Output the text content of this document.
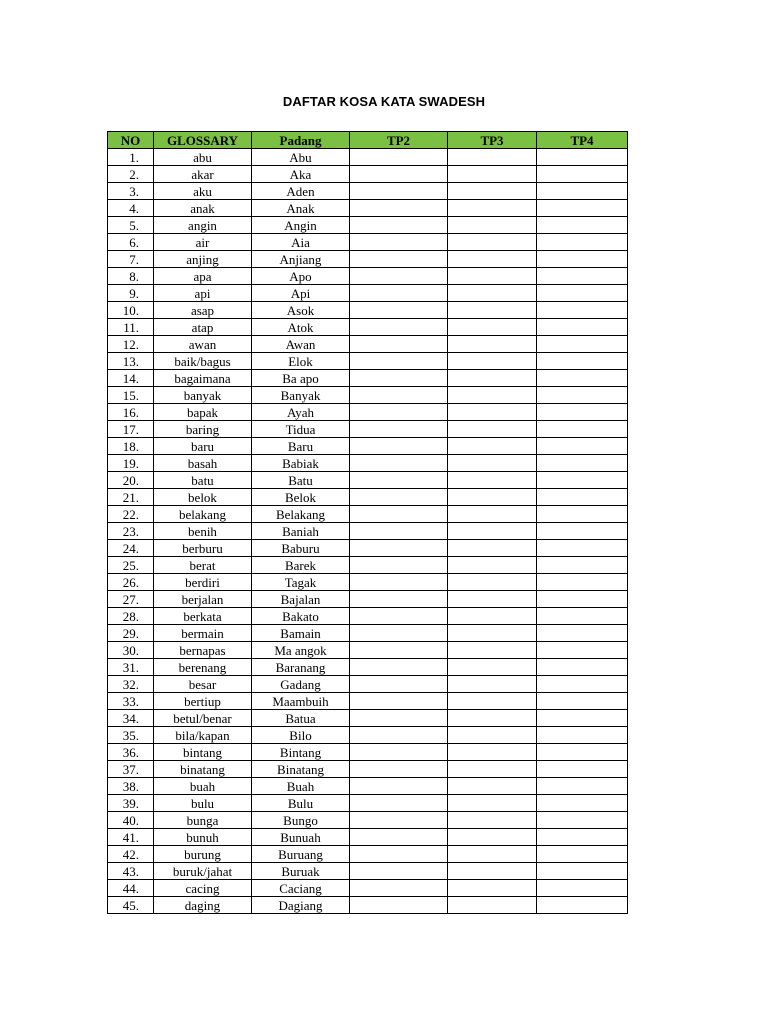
DAFTAR KOSA KATA SWADESH
NO	GLOSSARY	Padang	TP2	TP3	TP4
1.	abu	Abu			
2.	akar	Aka			
3.	aku	Aden			
4.	anak	Anak			
5.	angin	Angin			
6.	air	Aia			
7.	anjing	Anjiang			
8.	apa	Apo			
9.	api	Api			
10.	asap	Asok			
11.	atap	Atok			
12.	awan	Awan			
13.	baik/bagus	Elok			
14.	bagaimana	Ba apo			
15.	banyak	Banyak			
16.	bapak	Ayah			
17.	baring	Tidua			
18.	baru	Baru			
19.	basah	Babiak			
20.	batu	Batu			
21.	belok	Belok			
22.	belakang	Belakang			
23.	benih	Baniah			
24.	berburu	Baburu			
25.	berat	Barek			
26.	berdiri	Tagak			
27.	berjalan	Bajalan			
28.	berkata	Bakato			
29.	bermain	Bamain			
30.	bernapas	Ma angok			
31.	berenang	Baranang			
32.	besar	Gadang			
33.	bertiup	Maambuih			
34.	betul/benar	Batua			
35.	bila/kapan	Bilo			
36.	bintang	Bintang			
37.	binatang	Binatang			
38.	buah	Buah			
39.	bulu	Bulu			
40.	bunga	Bungo			
41.	bunuh	Bunuah			
42.	burung	Buruang			
43.	buruk/jahat	Buruak			
44.	cacing	Caciang			
45.	daging	Dagiang			
